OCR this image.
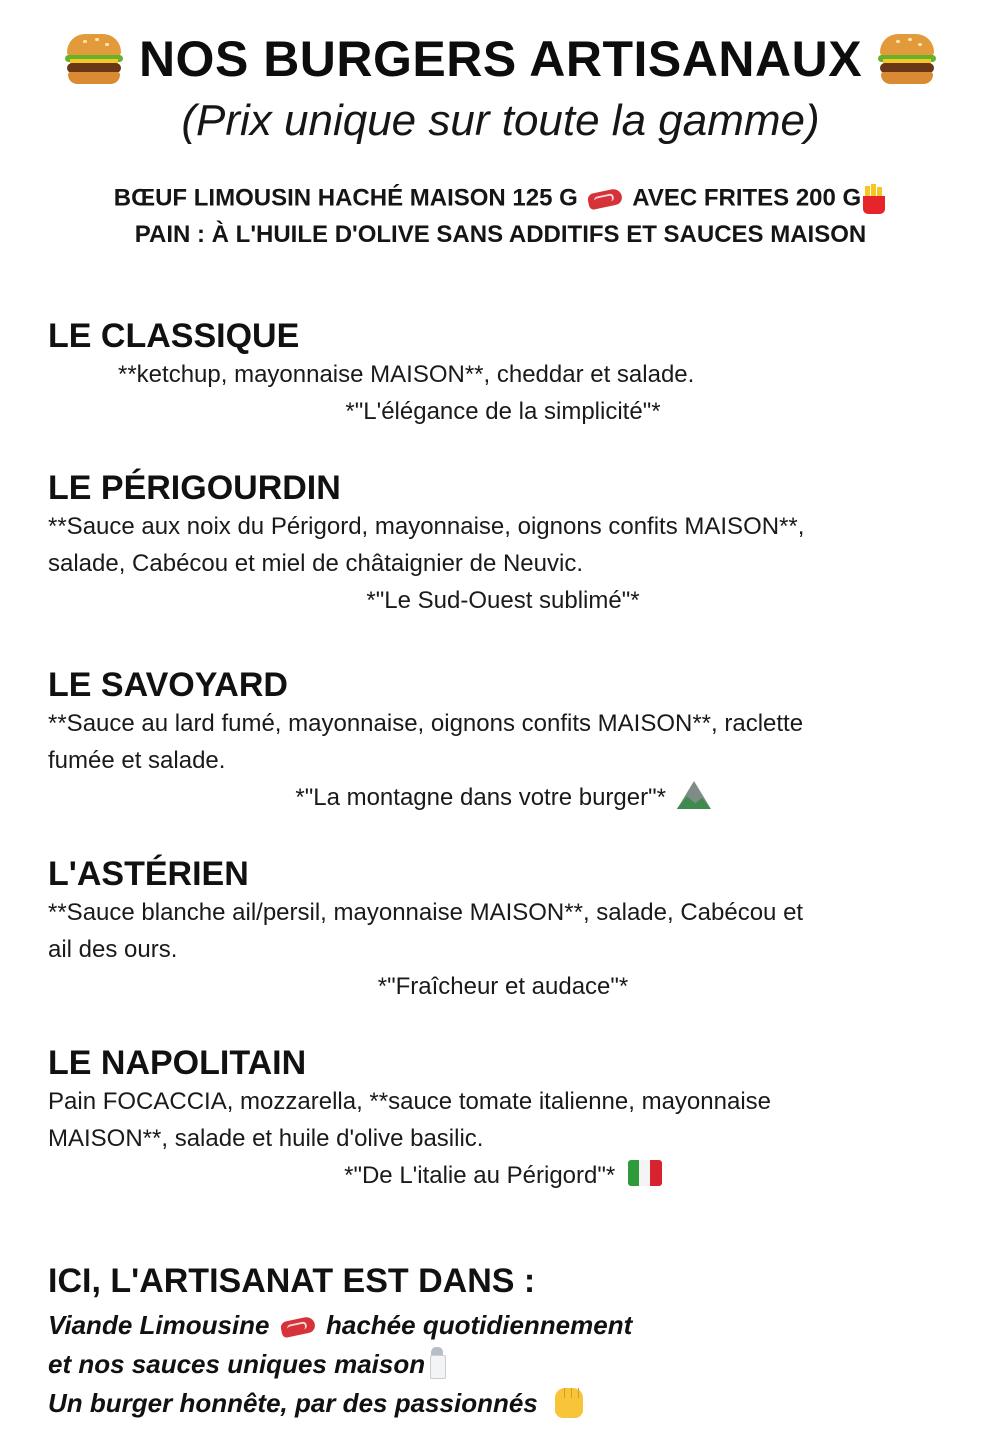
NOS BURGERS ARTISANAUX
(Prix unique sur toute la gamme)
BŒUF LIMOUSIN HACHÉ MAISON 125 G AVEC FRITES 200 G
PAIN : À L'HUILE D'OLIVE SANS ADDITIFS ET SAUCES MAISON

LE CLASSIQUE

**ketchup, mayonnaise MAISON**, cheddar et salade.

*"L'élégance de la simplicité"*

LE PÉRIGOURDIN

**Sauce aux noix du Périgord, mayonnaise, oignons confits MAISON**,

salade, Cabécou et miel de châtaignier de Neuvic.

*"Le Sud-Ouest sublimé"*

LE SAVOYARD

**Sauce au lard fumé, mayonnaise, oignons confits MAISON**, raclette

fumée et salade.

*"La montagne dans votre burger"*

L'ASTÉRIEN

**Sauce blanche ail/persil, mayonnaise MAISON**, salade, Cabécou et

ail des ours.

*"Fraîcheur et audace"*

LE NAPOLITAIN

Pain FOCACCIA, mozzarella, **sauce tomate italienne, mayonnaise

MAISON**, salade et huile d'olive basilic.

*"De L'italie au Périgord"*

ICI, L'ARTISANAT EST DANS :
Viande Limousine hachée quotidiennement
et nos sauces uniques maison
Un burger honnête, par des passionnés
